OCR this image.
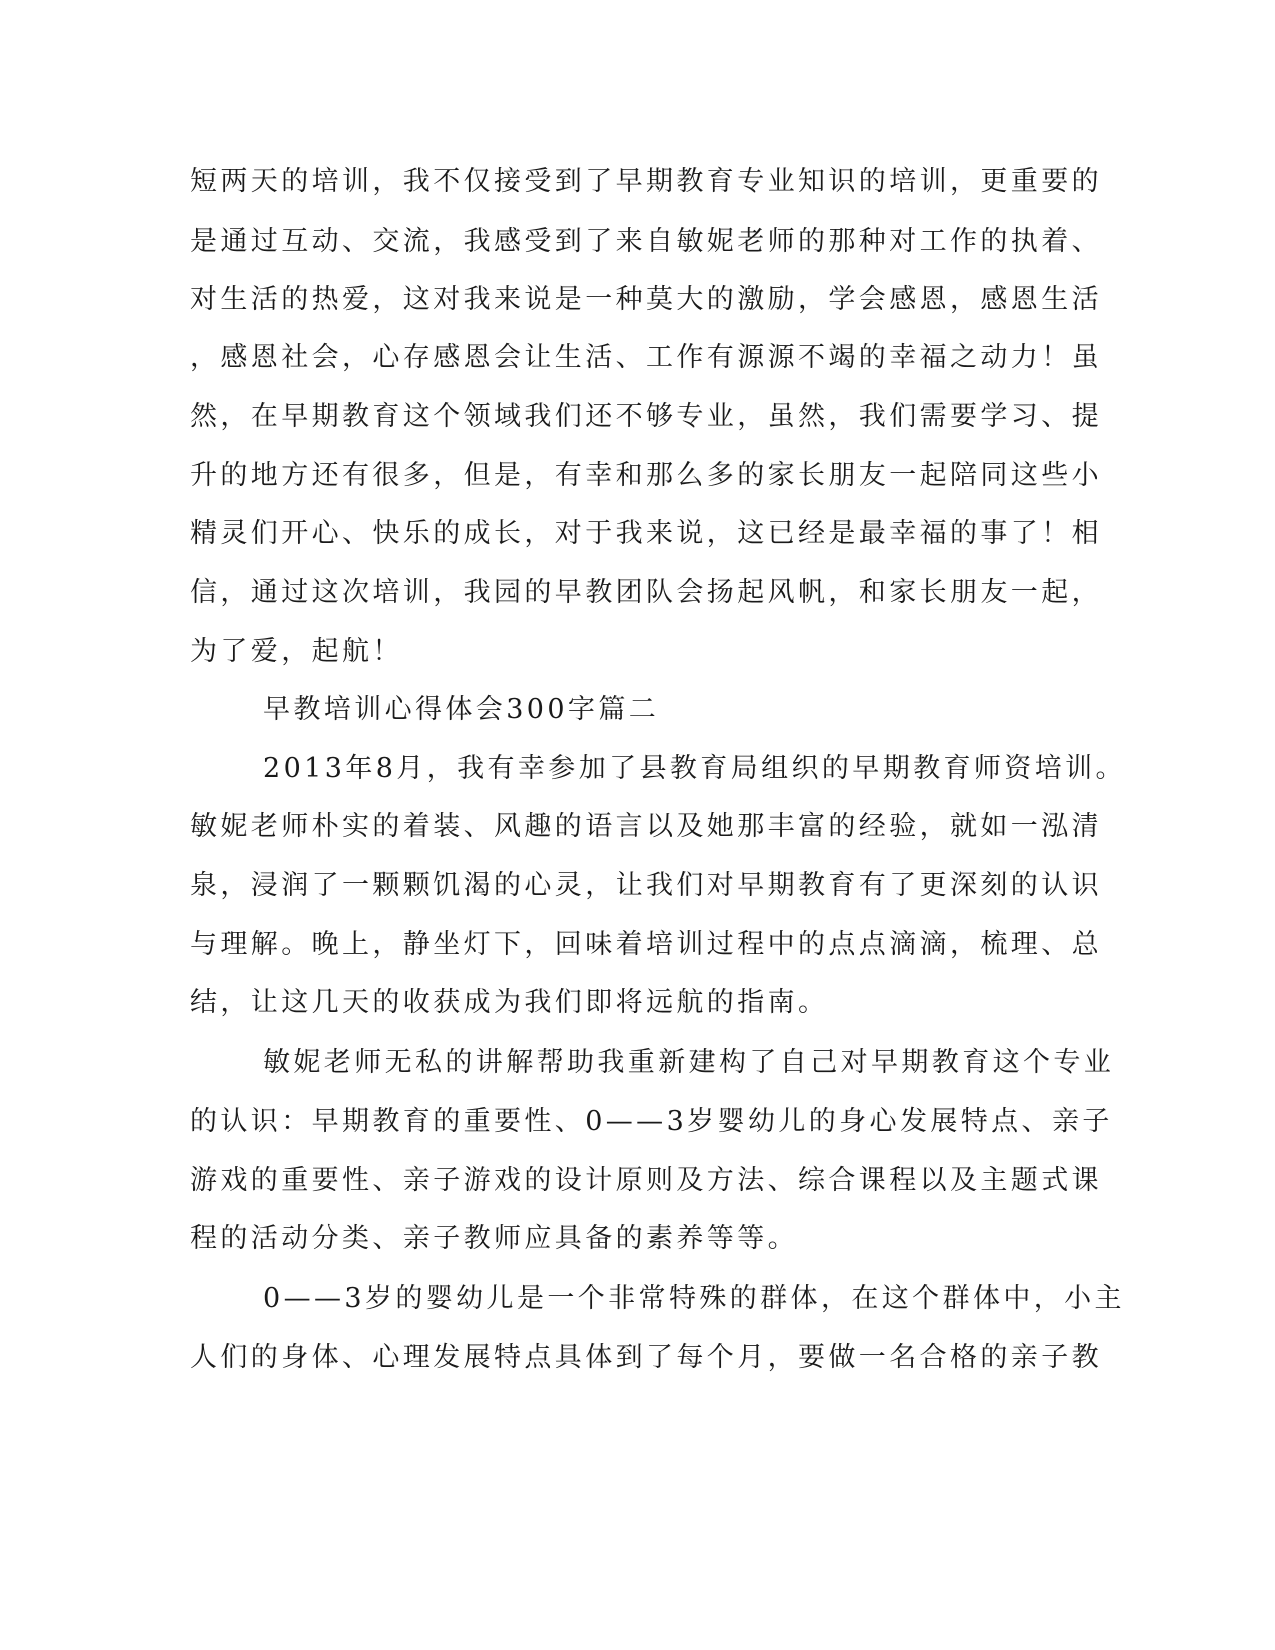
短两天的培训，我不仅接受到了早期教育专业知识的培训，更重要的
是通过互动、交流，我感受到了来自敏妮老师的那种对工作的执着、
对生活的热爱，这对我来说是一种莫大的激励，学会感恩，感恩生活
，感恩社会，心存感恩会让生活、工作有源源不竭的幸福之动力！虽
然，在早期教育这个领域我们还不够专业，虽然，我们需要学习、提
升的地方还有很多，但是，有幸和那么多的家长朋友一起陪同这些小
精灵们开心、快乐的成长，对于我来说，这已经是最幸福的事了！相
信，通过这次培训，我园的早教团队会扬起风帆，和家长朋友一起，
为了爱，起航！
早教培训心得体会300字篇二
2013年8月，我有幸参加了县教育局组织的早期教育师资培训。
敏妮老师朴实的着装、风趣的语言以及她那丰富的经验，就如一泓清
泉，浸润了一颗颗饥渴的心灵，让我们对早期教育有了更深刻的认识
与理解。晚上，静坐灯下，回味着培训过程中的点点滴滴，梳理、总
结，让这几天的收获成为我们即将远航的指南。
敏妮老师无私的讲解帮助我重新建构了自己对早期教育这个专业
的认识：早期教育的重要性、0——3岁婴幼儿的身心发展特点、亲子
游戏的重要性、亲子游戏的设计原则及方法、综合课程以及主题式课
程的活动分类、亲子教师应具备的素养等等。
0——3岁的婴幼儿是一个非常特殊的群体，在这个群体中，小主
人们的身体、心理发展特点具体到了每个月，要做一名合格的亲子教
